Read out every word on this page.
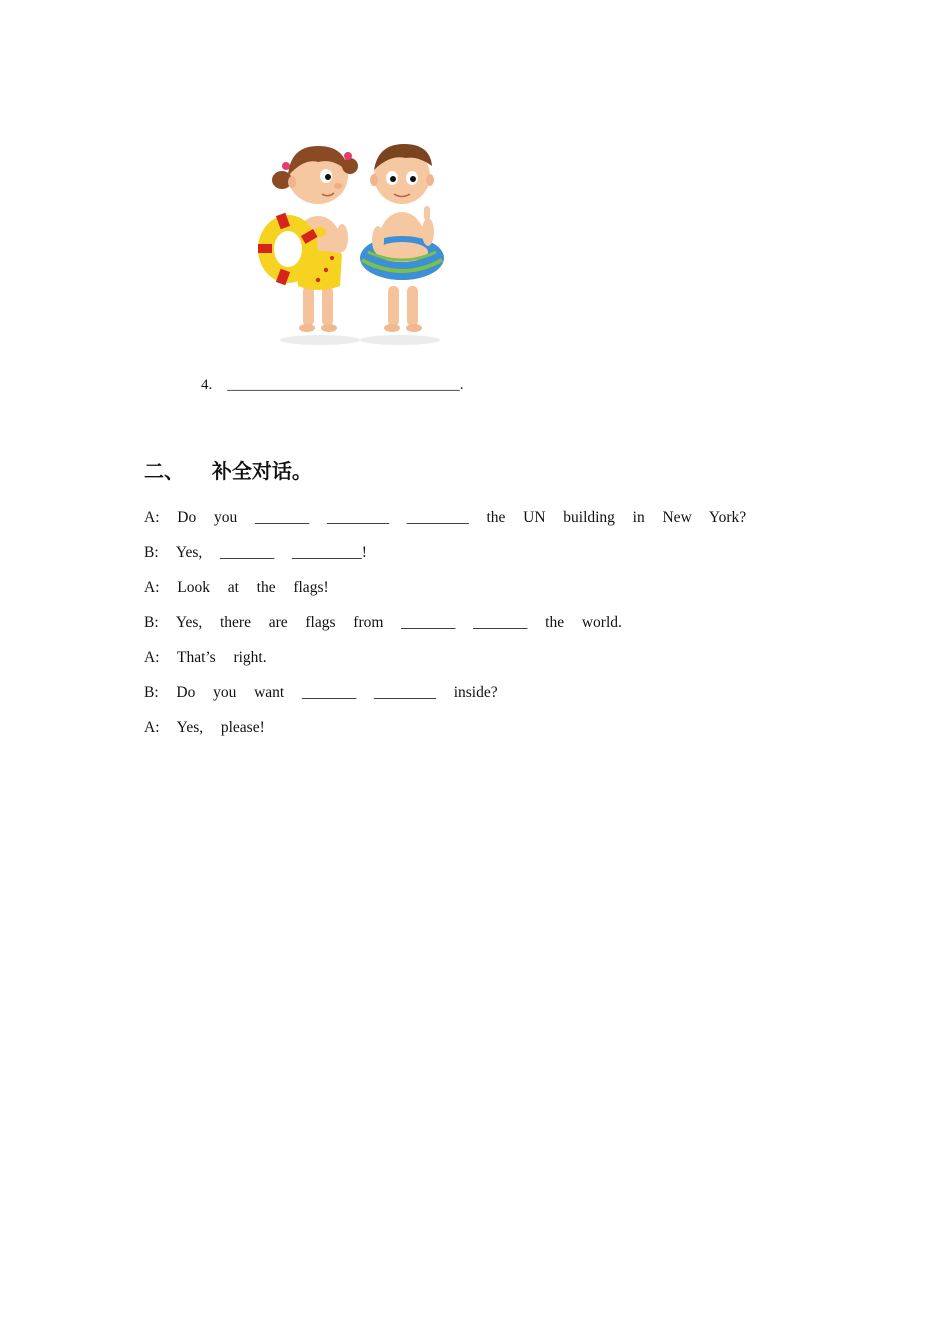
4. _______________________________.
二、 补全对话。
A:  Do  you  _______  ________  ________  the  UN  building  in  New  York?
B:  Yes,  _______  _________!
A:  Look  at  the  flags!
B:  Yes,  there  are  flags  from  _______  _______  the  world.
A:  That’s  right.
B:  Do  you  want  _______  ________  inside?
A:  Yes,  please!
